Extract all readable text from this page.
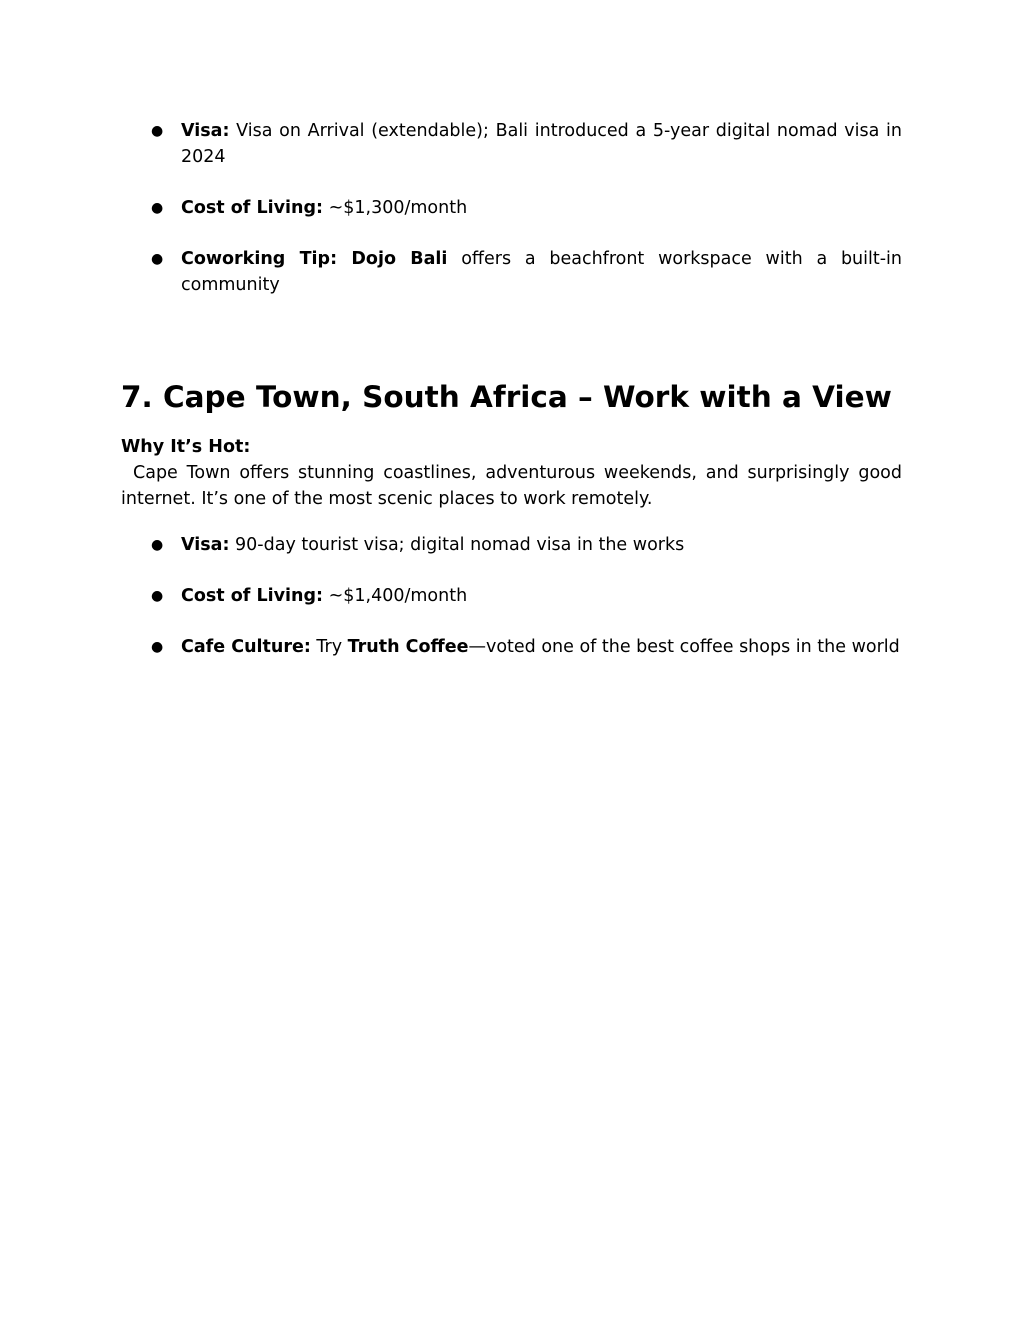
● Visa: Visa on Arrival (extendable); Bali introduced a 5-year digital nomad visa in 2024
● Cost of Living: ~$1,300/month
● Coworking Tip: Dojo Bali offers a beachfront workspace with a built-in community
7. Cape Town, South Africa – Work with a View
Why It’s Hot:

Cape Town offers stunning coastlines, adventurous weekends, and surprisingly good internet. It’s one of the most scenic places to work remotely.

● Visa: 90-day tourist visa; digital nomad visa in the works
● Cost of Living: ~$1,400/month
● Cafe Culture: Try Truth Coffee—voted one of the best coffee shops in the world
